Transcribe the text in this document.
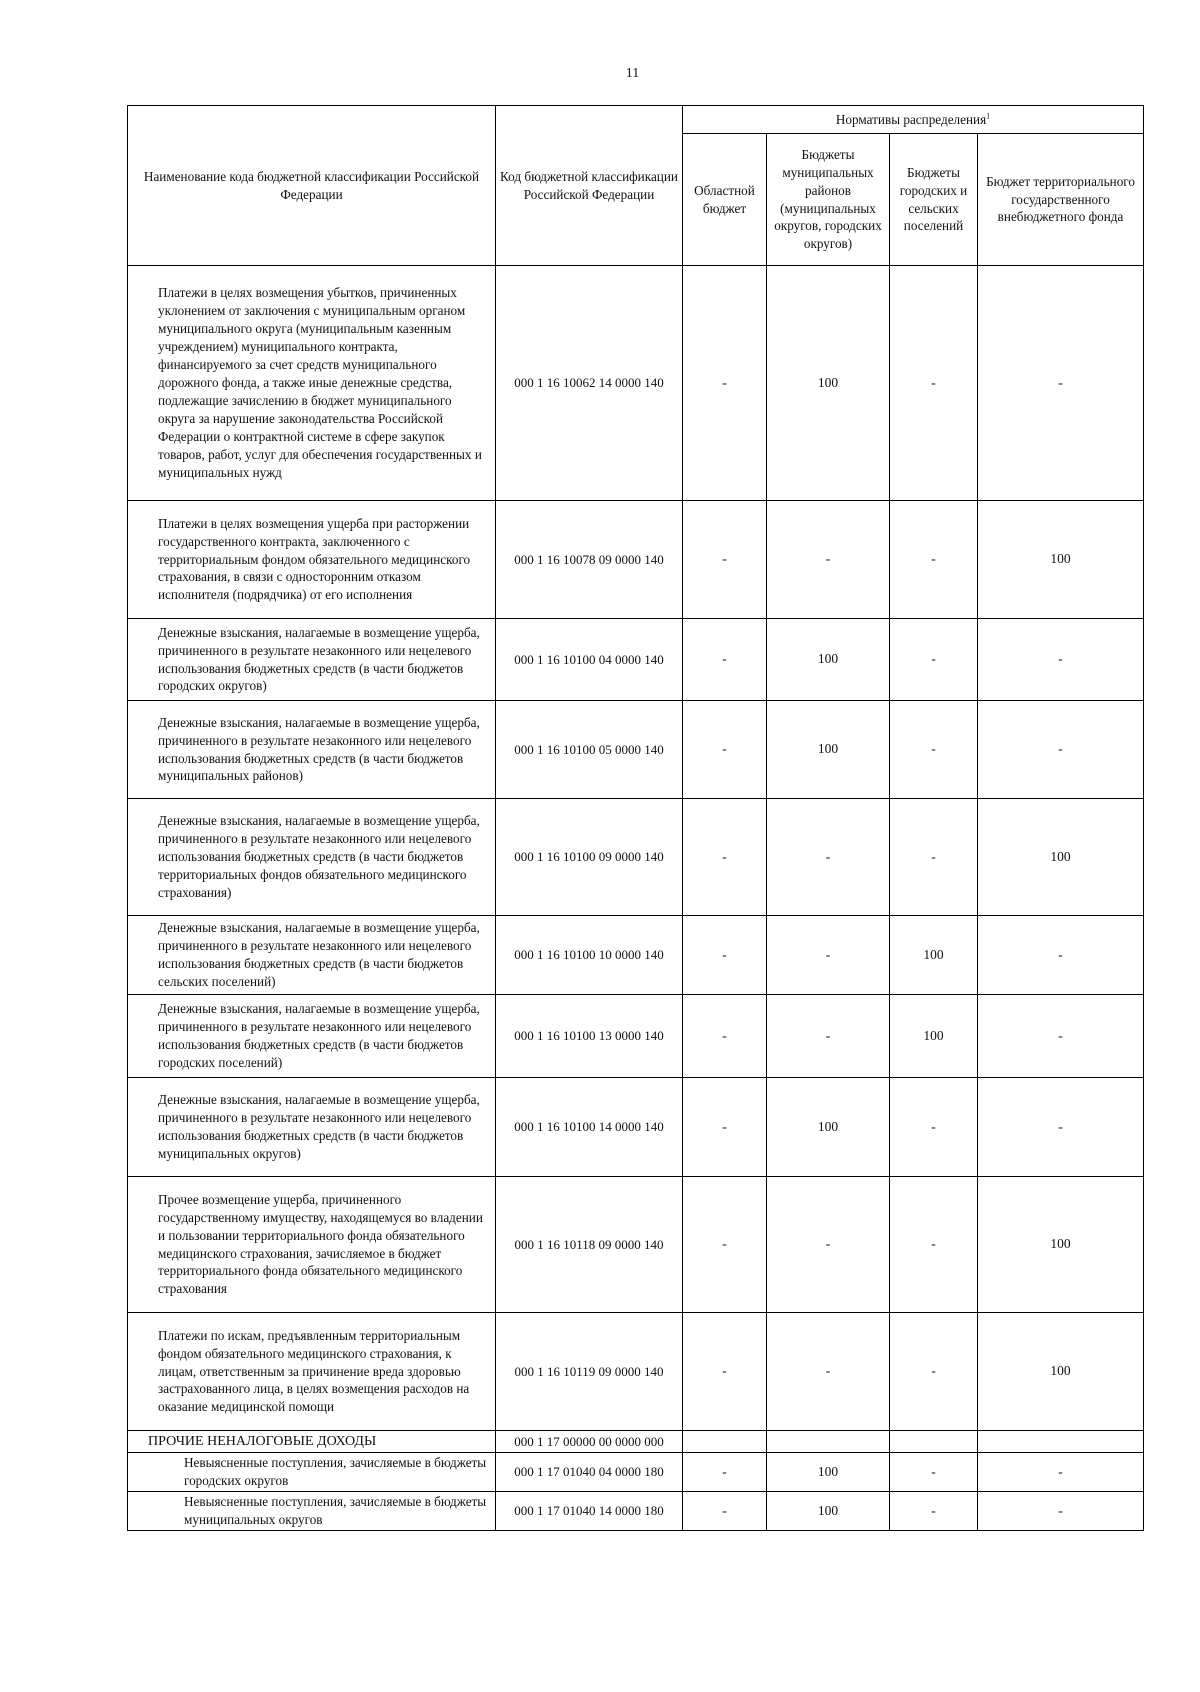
11
Наименование кода бюджетной классификации Российской Федерации	Код бюджетной классификации Российской Федерации	Нормативы распределения$^1$
		Областной бюджет	Бюджеты муниципальных районов (муниципальных округов, городских округов)	Бюджеты городских и сельских поселений	Бюджет территориального государственного внебюджетного фонда
Платежи в целях возмещения убытков, причиненных уклонением от заключения с муниципальным органом муниципального округа (муниципальным казенным учреждением) муниципального контракта, финансируемого за счет средств муниципального дорожного фонда, а также иные денежные средства, подлежащие зачислению в бюджет муниципального округа за нарушение законодательства Российской Федерации о контрактной системе в сфере закупок товаров, работ, услуг для обеспечения государственных и муниципальных нужд	000 1 16 10062 14 0000 140	-	100	-	-
Платежи в целях возмещения ущерба при расторжении государственного контракта, заключенного с территориальным фондом обязательного медицинского страхования, в связи с односторонним отказом исполнителя (подрядчика) от его исполнения	000 1 16 10078 09 0000 140	-	-	-	100
Денежные взыскания, налагаемые в возмещение ущерба, причиненного в результате незаконного или нецелевого использования бюджетных средств (в части бюджетов городских округов)	000 1 16 10100 04 0000 140	-	100	-	-
Денежные взыскания, налагаемые в возмещение ущерба, причиненного в результате незаконного или нецелевого использования бюджетных средств (в части бюджетов муниципальных районов)	000 1 16 10100 05 0000 140	-	100	-	-
Денежные взыскания, налагаемые в возмещение ущерба, причиненного в результате незаконного или нецелевого использования бюджетных средств (в части бюджетов территориальных фондов обязательного медицинского страхования)	000 1 16 10100 09 0000 140	-	-	-	100
Денежные взыскания, налагаемые в возмещение ущерба, причиненного в результате незаконного или нецелевого использования бюджетных средств (в части бюджетов сельских поселений)	000 1 16 10100 10 0000 140	-	-	100	-
Денежные взыскания, налагаемые в возмещение ущерба, причиненного в результате незаконного или нецелевого использования бюджетных средств (в части бюджетов городских поселений)	000 1 16 10100 13 0000 140	-	-	100	-
Денежные взыскания, налагаемые в возмещение ущерба, причиненного в результате незаконного или нецелевого использования бюджетных средств (в части бюджетов муниципальных округов)	000 1 16 10100 14 0000 140	-	100	-	-
Прочее возмещение ущерба, причиненного государственному имуществу, находящемуся во владении и пользовании территориального фонда обязательного медицинского страхования, зачисляемое в бюджет территориального фонда обязательного медицинского страхования	000 1 16 10118 09 0000 140	-	-	-	100
Платежи по искам, предъявленным территориальным фондом обязательного медицинского страхования, к лицам, ответственным за причинение вреда здоровью застрахованного лица, в целях возмещения расходов на оказание медицинской помощи	000 1 16 10119 09 0000 140	-	-	-	100
ПРОЧИЕ НЕНАЛОГОВЫЕ ДОХОДЫ	000 1 17 00000 00 0000 000				
Невыясненные поступления, зачисляемые в бюджеты городских округов	000 1 17 01040 04 0000 180	-	100	-	-
Невыясненные поступления, зачисляемые в бюджеты муниципальных округов	000 1 17 01040 14 0000 180	-	100	-	-
